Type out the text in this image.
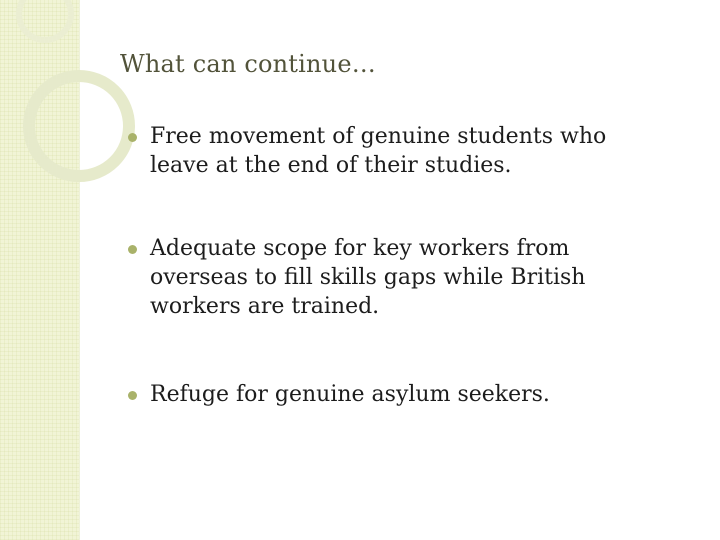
What can continue…
Free movement of genuine students who leave at the end of their studies.
Adequate scope for key workers from overseas to fill skills gaps while British workers are trained.
Refuge for genuine asylum seekers.
